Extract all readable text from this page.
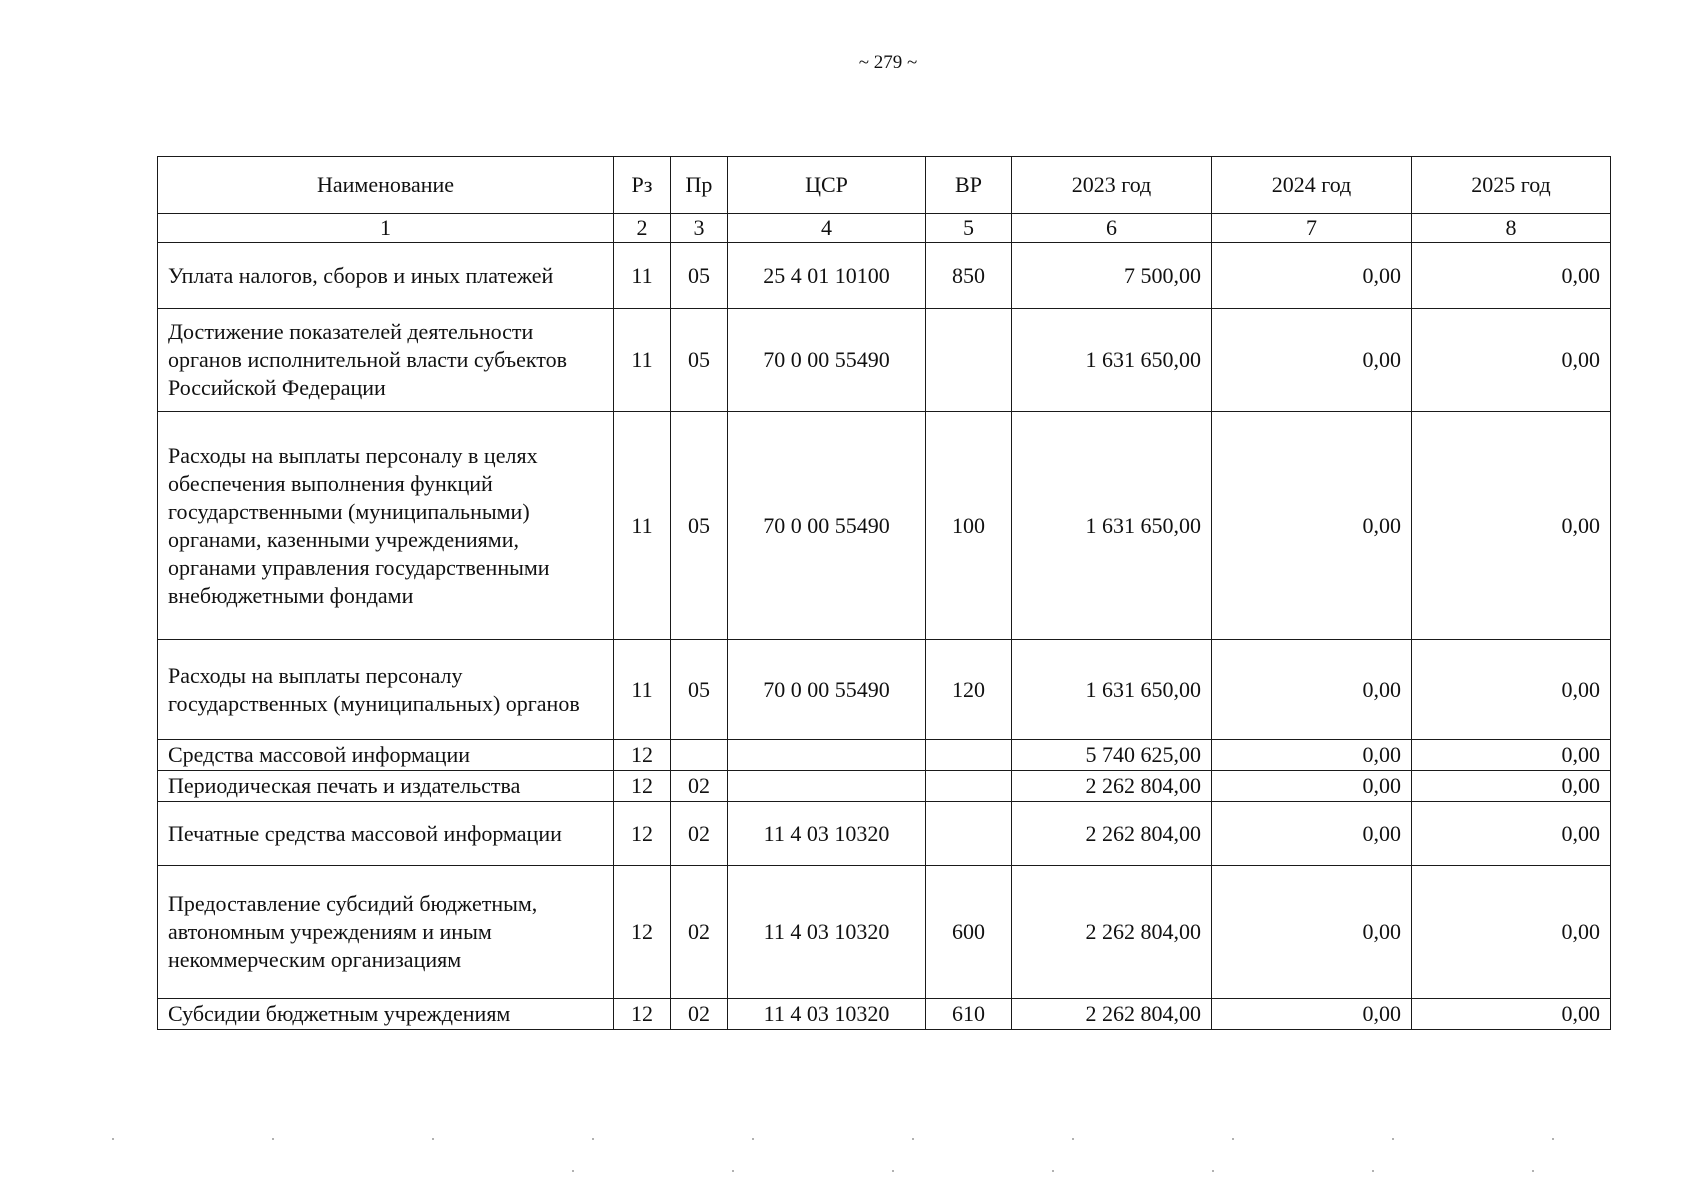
~ 279 ~
Наименование	Рз	Пр	ЦСР	ВР	2023 год	2024 год	2025 год
1	2	3	4	5	6	7	8
Уплата налогов, сборов и иных платежей	11	05	25 4 01 10100	850	7 500,00	0,00	0,00
Достижение показателей деятельности органов исполнительной власти субъектов Российской Федерации	11	05	70 0 00 55490		1 631 650,00	0,00	0,00
Расходы на выплаты персоналу в целях обеспечения выполнения функций государственными (муниципальными) органами, казенными учреждениями, органами управления государственными внебюджетными фондами	11	05	70 0 00 55490	100	1 631 650,00	0,00	0,00
Расходы на выплаты персоналу государственных (муниципальных) органов	11	05	70 0 00 55490	120	1 631 650,00	0,00	0,00
Средства массовой информации	12				5 740 625,00	0,00	0,00
Периодическая печать и издательства	12	02			2 262 804,00	0,00	0,00
Печатные средства массовой информации	12	02	11 4 03 10320		2 262 804,00	0,00	0,00
Предоставление субсидий бюджетным, автономным учреждениям и иным некоммерческим организациям	12	02	11 4 03 10320	600	2 262 804,00	0,00	0,00
Субсидии бюджетным учреждениям	12	02	11 4 03 10320	610	2 262 804,00	0,00	0,00
